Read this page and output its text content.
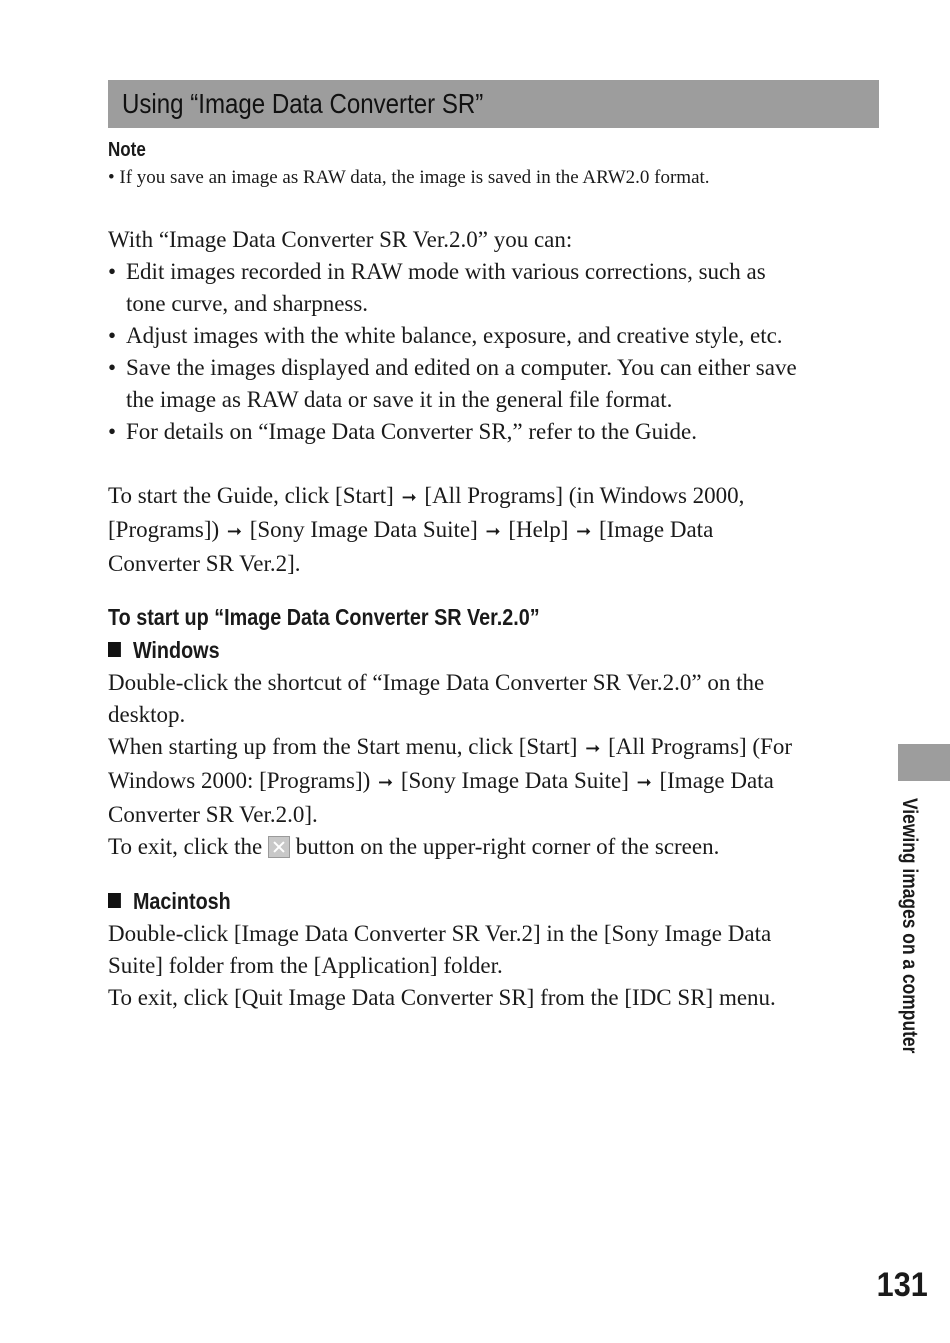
Using “Image Data Converter SR”
Note
• If you save an image as RAW data, the image is saved in the ARW2.0 format.
With “Image Data Converter SR Ver.2.0” you can:
• Edit images recorded in RAW mode with various corrections, such as
tone curve, and sharpness.
• Adjust images with the white balance, exposure, and creative style, etc.
• Save the images displayed and edited on a computer. You can either save
the image as RAW data or save it in the general file format.
• For details on “Image Data Converter SR,” refer to the Guide.
To start the Guide, click [Start] ➞ [All Programs] (in Windows 2000,
[Programs]) ➞ [Sony Image Data Suite] ➞ [Help] ➞ [Image Data
Converter SR Ver.2].
To start up “Image Data Converter SR Ver.2.0”
Windows
Double-click the shortcut of “Image Data Converter SR Ver.2.0” on the
desktop.
When starting up from the Start menu, click [Start] ➞ [All Programs] (For
Windows 2000: [Programs]) ➞ [Sony Image Data Suite] ➞ [Image Data
Converter SR Ver.2.0].
To exit, click the button on the upper-right corner of the screen.
Macintosh
Double-click [Image Data Converter SR Ver.2] in the [Sony Image Data
Suite] folder from the [Application] folder.
To exit, click [Quit Image Data Converter SR] from the [IDC SR] menu.	Viewing images on a computer
131
